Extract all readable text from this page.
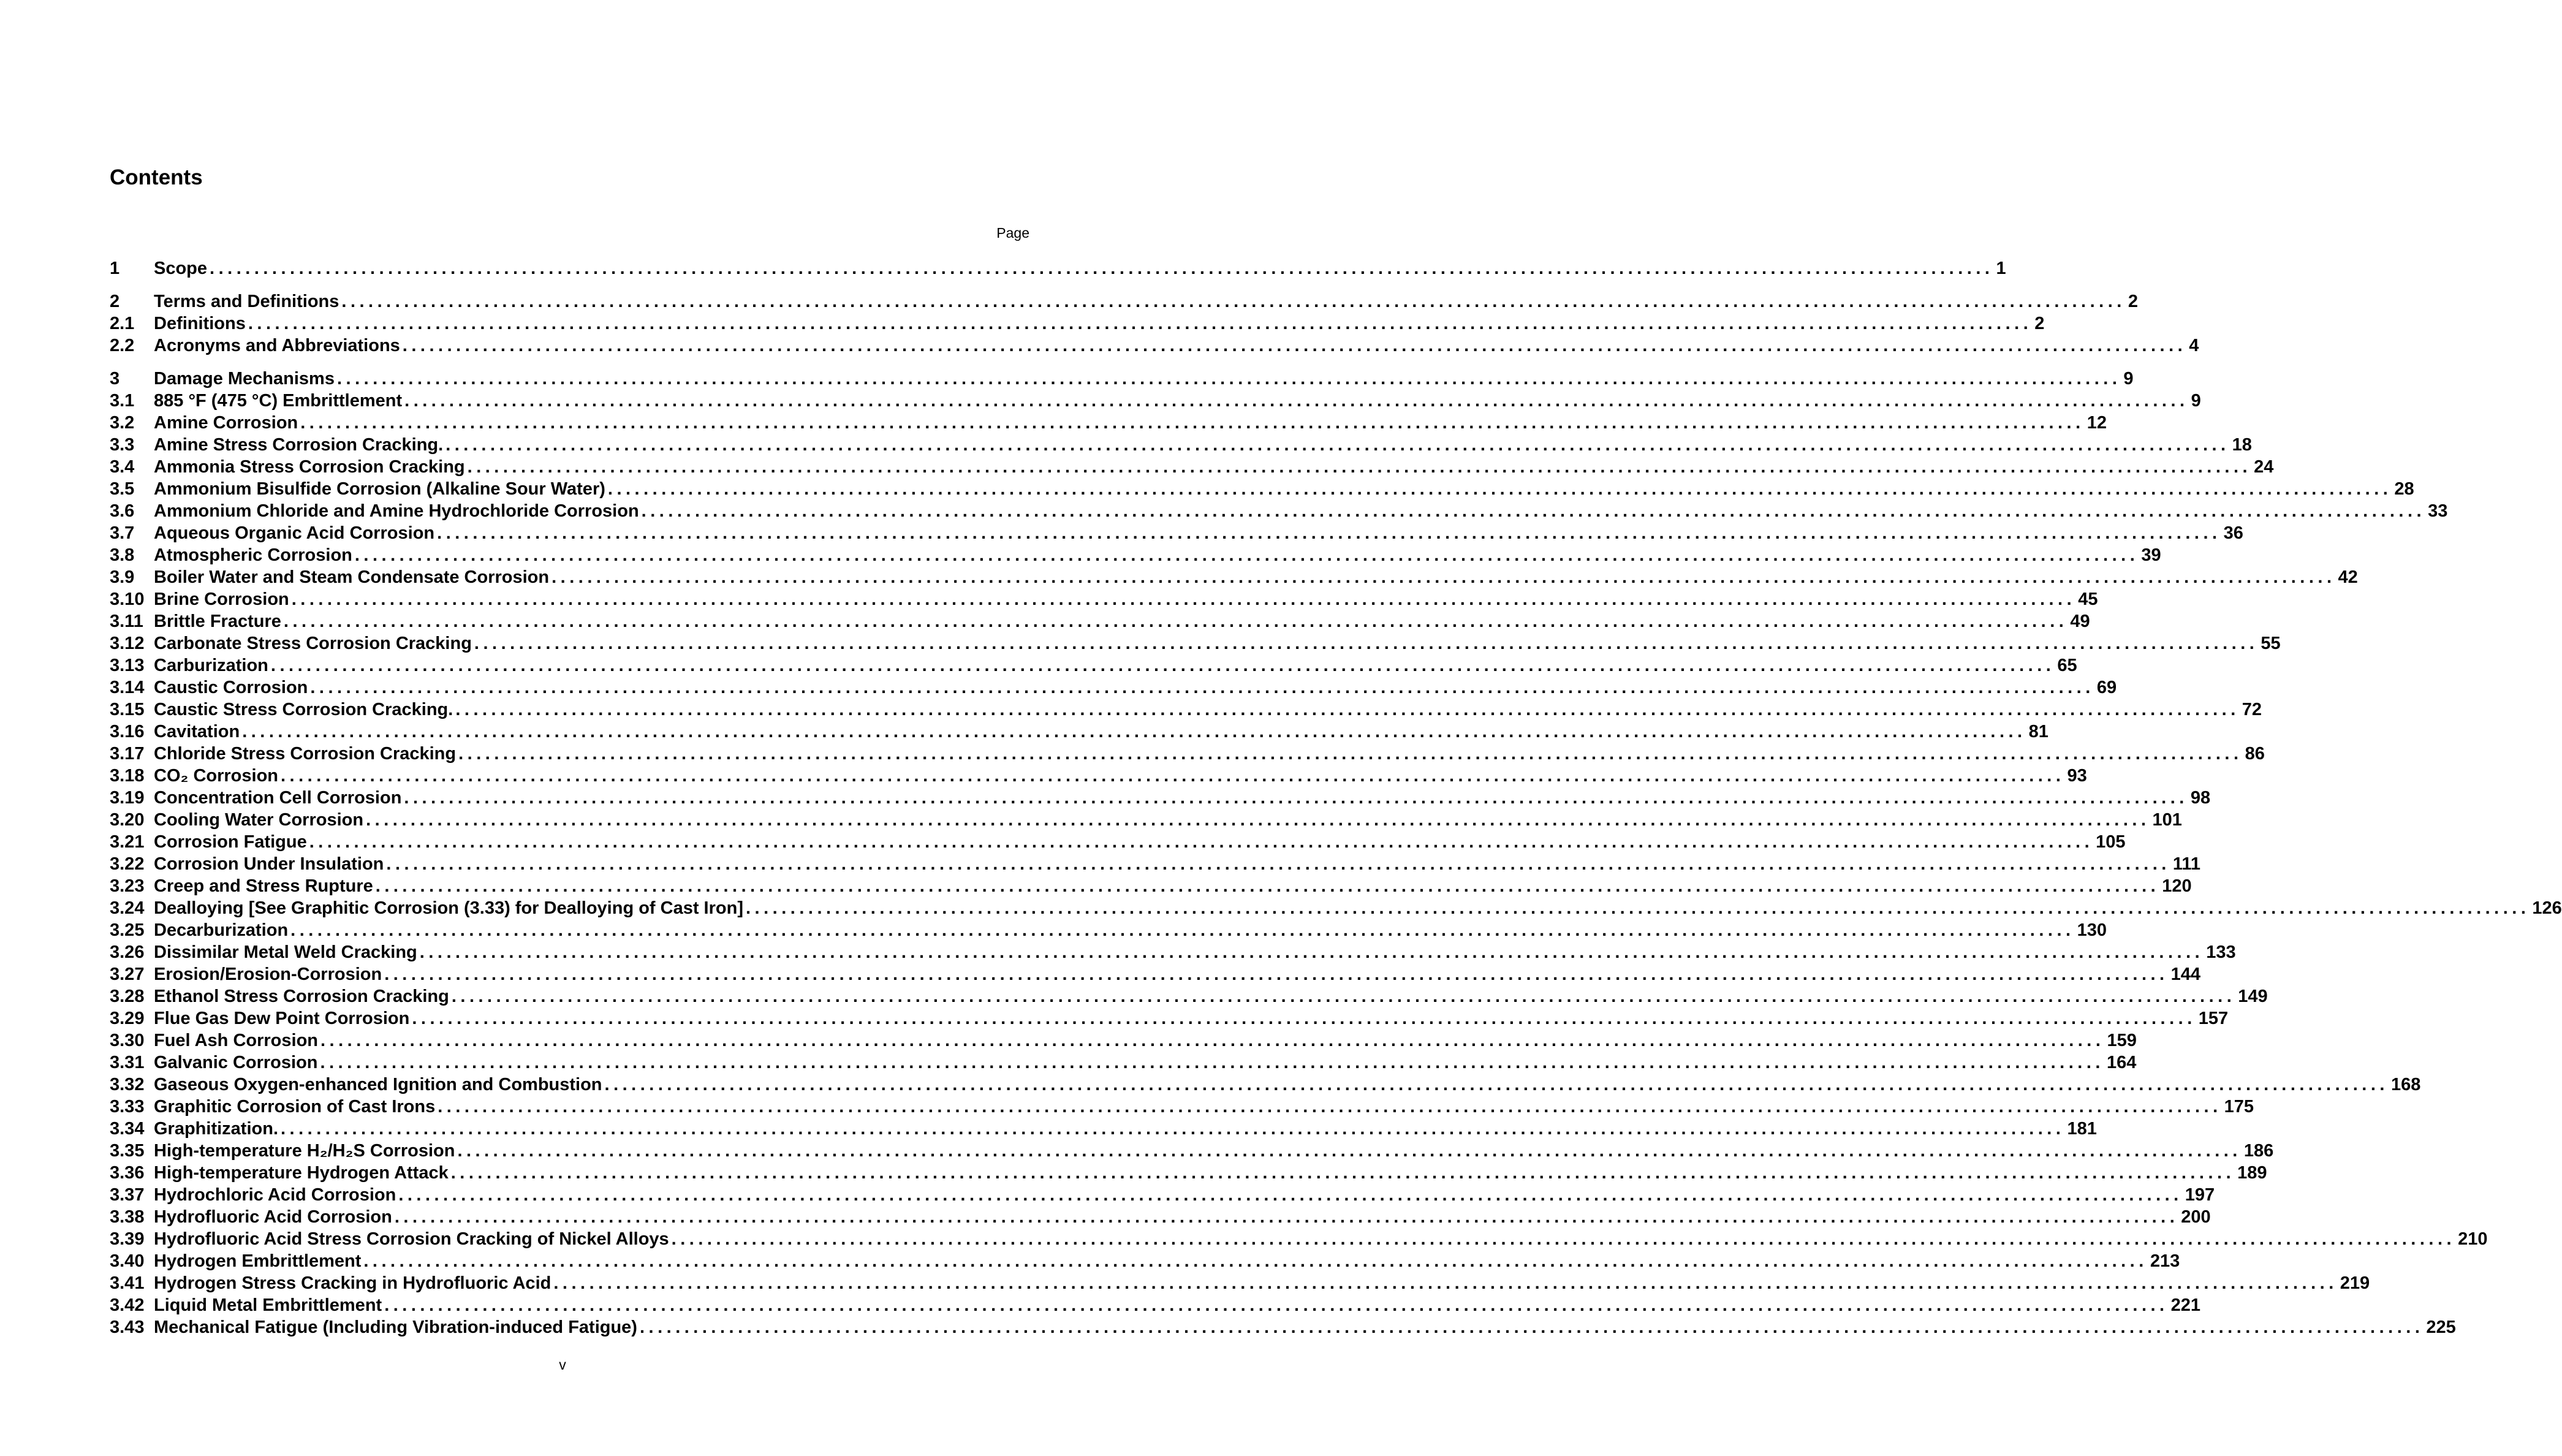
Contents
Page
1	Scope ........................................................................................................................................................................................................ 1
2	Terms and Definitions ........................................................................................................................................................................................................ 2
2.1	Definitions ........................................................................................................................................................................................................ 2
2.2	Acronyms and Abbreviations ........................................................................................................................................................................................................ 4
3	Damage Mechanisms ........................................................................................................................................................................................................ 9
3.1	885 °F (475 °C) Embrittlement ........................................................................................................................................................................................................ 9
3.2	Amine Corrosion ........................................................................................................................................................................................................ 12
3.3	Amine Stress Corrosion Cracking. ........................................................................................................................................................................................................ 18
3.4	Ammonia Stress Corrosion Cracking ........................................................................................................................................................................................................ 24
3.5	Ammonium Bisulfide Corrosion (Alkaline Sour Water) ........................................................................................................................................................................................................ 28
3.6	Ammonium Chloride and Amine Hydrochloride Corrosion ........................................................................................................................................................................................................ 33
3.7	Aqueous Organic Acid Corrosion ........................................................................................................................................................................................................ 36
3.8	Atmospheric Corrosion ........................................................................................................................................................................................................ 39
3.9	Boiler Water and Steam Condensate Corrosion ........................................................................................................................................................................................................ 42
3.10 Brine Corrosion ........................................................................................................................................................................................................ 45
3.11 Brittle Fracture ........................................................................................................................................................................................................ 49
3.12 Carbonate Stress Corrosion Cracking ........................................................................................................................................................................................................ 55
3.13 Carburization ........................................................................................................................................................................................................ 65
3.14 Caustic Corrosion ........................................................................................................................................................................................................ 69
3.15 Caustic Stress Corrosion Cracking. ........................................................................................................................................................................................................ 72
3.16 Cavitation ........................................................................................................................................................................................................ 81
3.17 Chloride Stress Corrosion Cracking ........................................................................................................................................................................................................ 86
3.18 CO₂ Corrosion ........................................................................................................................................................................................................ 93
3.19 Concentration Cell Corrosion ........................................................................................................................................................................................................ 98
3.20 Cooling Water Corrosion ........................................................................................................................................................................................................ 101
3.21 Corrosion Fatigue ........................................................................................................................................................................................................ 105
3.22 Corrosion Under Insulation ........................................................................................................................................................................................................ 111
3.23 Creep and Stress Rupture ........................................................................................................................................................................................................ 120
3.24 Dealloying [See Graphitic Corrosion (3.33) for Dealloying of Cast Iron] ........................................................................................................................................................................................................ 126
3.25 Decarburization ........................................................................................................................................................................................................ 130
3.26 Dissimilar Metal Weld Cracking ........................................................................................................................................................................................................ 133
3.27 Erosion/Erosion-Corrosion ........................................................................................................................................................................................................ 144
3.28 Ethanol Stress Corrosion Cracking ........................................................................................................................................................................................................ 149
3.29 Flue Gas Dew Point Corrosion ........................................................................................................................................................................................................ 157
3.30 Fuel Ash Corrosion ........................................................................................................................................................................................................ 159
3.31 Galvanic Corrosion ........................................................................................................................................................................................................ 164
3.32 Gaseous Oxygen-enhanced Ignition and Combustion ........................................................................................................................................................................................................ 168
3.33 Graphitic Corrosion of Cast Irons ........................................................................................................................................................................................................ 175
3.34 Graphitization. ........................................................................................................................................................................................................ 181
3.35 High-temperature H₂/H₂S Corrosion ........................................................................................................................................................................................................ 186
3.36 High-temperature Hydrogen Attack ........................................................................................................................................................................................................ 189
3.37 Hydrochloric Acid Corrosion ........................................................................................................................................................................................................ 197
3.38 Hydrofluoric Acid Corrosion ........................................................................................................................................................................................................ 200
3.39 Hydrofluoric Acid Stress Corrosion Cracking of Nickel Alloys ........................................................................................................................................................................................................ 210
3.40 Hydrogen Embrittlement ........................................................................................................................................................................................................ 213
3.41 Hydrogen Stress Cracking in Hydrofluoric Acid ........................................................................................................................................................................................................ 219
3.42 Liquid Metal Embrittlement ........................................................................................................................................................................................................ 221
3.43 Mechanical Fatigue (Including Vibration-induced Fatigue) ........................................................................................................................................................................................................ 225
v
